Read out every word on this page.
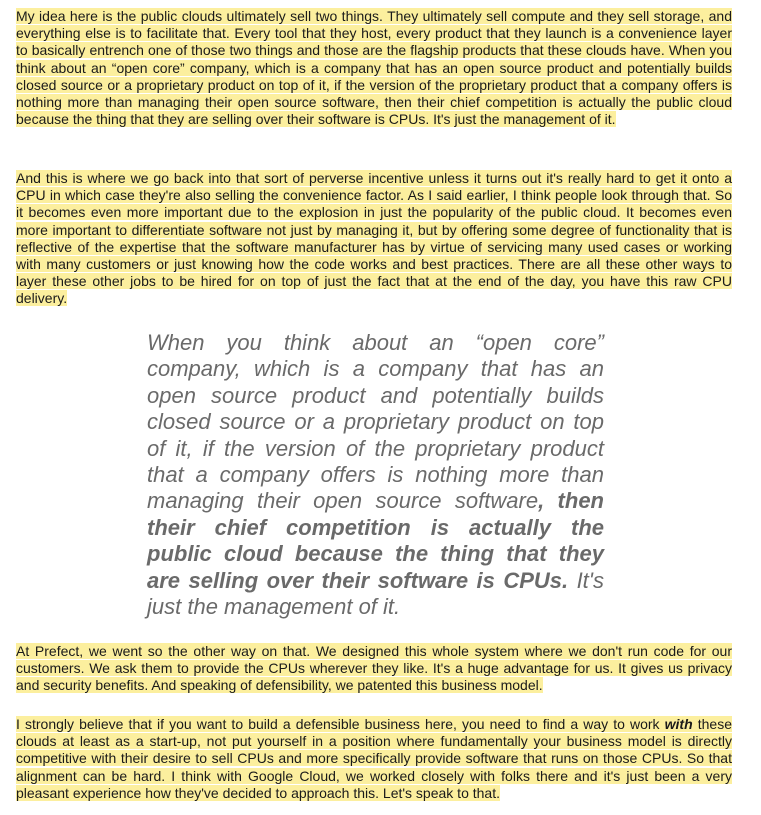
My idea here is the public clouds ultimately sell two things. They ultimately sell compute and they sell storage, and everything else is to facilitate that. Every tool that they host, every product that they launch is a convenience layer to basically entrench one of those two things and those are the flagship products that these clouds have. When you think about an “open core” company, which is a company that has an open source product and potentially builds closed source or a proprietary product on top of it, if the version of the proprietary product that a company offers is nothing more than managing their open source software, then their chief competition is actually the public cloud because the thing that they are selling over their software is CPUs. It's just the management of it.

And this is where we go back into that sort of perverse incentive unless it turns out it's really hard to get it onto a CPU in which case they're also selling the convenience factor. As I said earlier, I think people look through that. So it becomes even more important due to the explosion in just the popularity of the public cloud. It becomes even more important to differentiate software not just by managing it, but by offering some degree of functionality that is reflective of the expertise that the software manufacturer has by virtue of servicing many used cases or working with many customers or just knowing how the code works and best practices. There are all these other ways to layer these other jobs to be hired for on top of just the fact that at the end of the day, you have this raw CPU delivery.

When you think about an “open core” company, which is a company that has an open source product and potentially builds closed source or a proprietary product on top of it, if the version of the proprietary product that a company offers is nothing more than managing their open source software, then their chief competition is actually the public cloud because the thing that they are selling over their software is CPUs. It's just the management of it.

At Prefect, we went so the other way on that. We designed this whole system where we don't run code for our customers. We ask them to provide the CPUs wherever they like. It's a huge advantage for us. It gives us privacy and security benefits. And speaking of defensibility, we patented this business model.

I strongly believe that if you want to build a defensible business here, you need to find a way to work with these clouds at least as a start-up, not put yourself in a position where fundamentally your business model is directly competitive with their desire to sell CPUs and more specifically provide software that runs on those CPUs. So that alignment can be hard. I think with Google Cloud, we worked closely with folks there and it's just been a very pleasant experience how they've decided to approach this. Let's speak to that.
